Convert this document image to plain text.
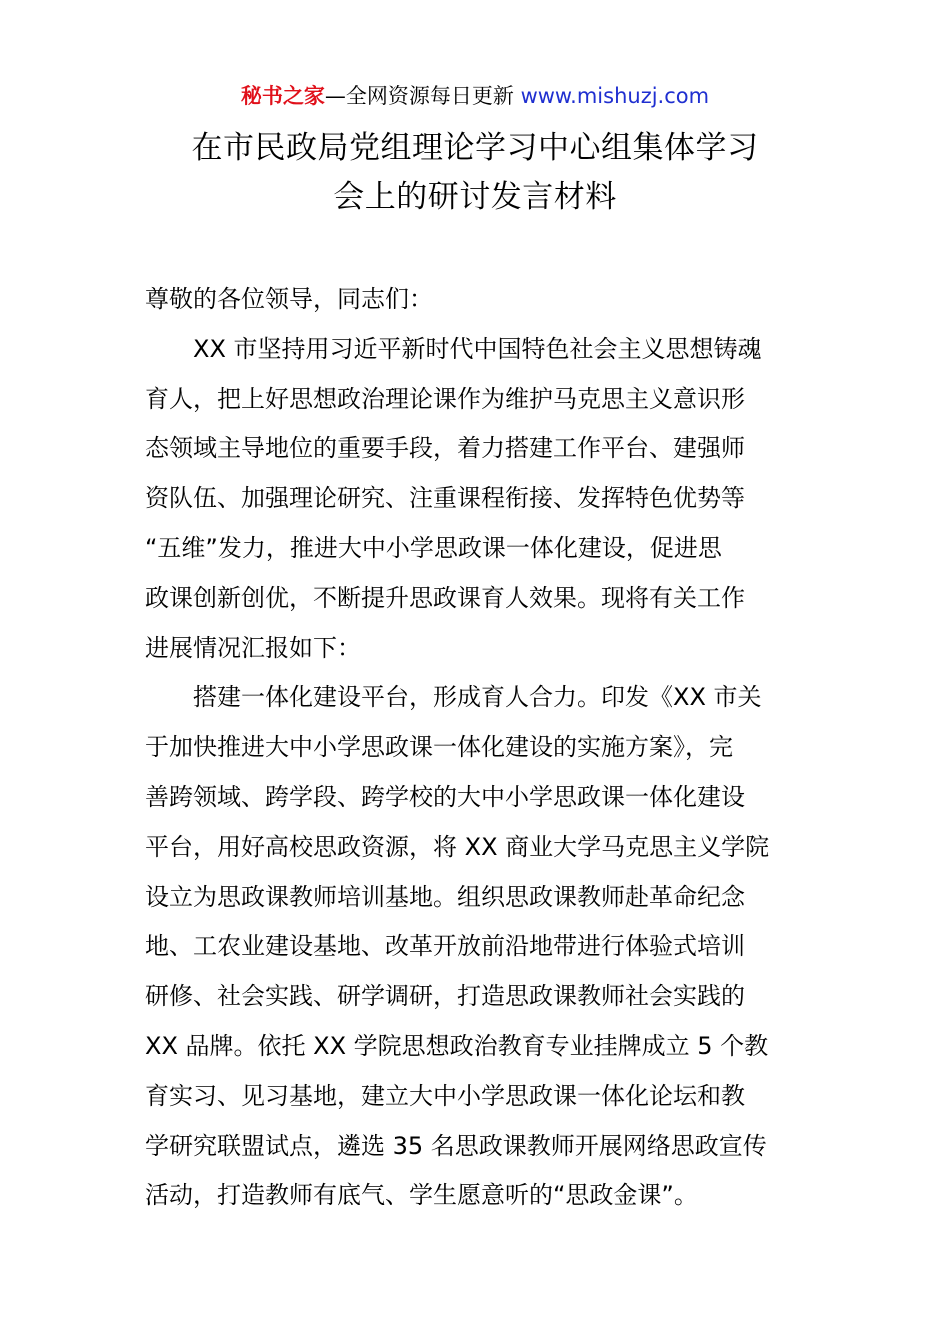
秘书之家—全网资源每日更新 www.mishuzj.com
在市民政局党组理论学习中心组集体学习
会上的研讨发言材料
尊敬的各位领导，同志们：
XX 市坚持用习近平新时代中国特色社会主义思想铸魂
育人，把上好思想政治理论课作为维护马克思主义意识形
态领域主导地位的重要手段，着力搭建工作平台、建强师
资队伍、加强理论研究、注重课程衔接、发挥特色优势等
“五维”发力，推进大中小学思政课一体化建设，促进思
政课创新创优，不断提升思政课育人效果。现将有关工作
进展情况汇报如下：
搭建一体化建设平台，形成育人合力。印发《XX 市关
于加快推进大中小学思政课一体化建设的实施方案》，完
善跨领域、跨学段、跨学校的大中小学思政课一体化建设
平台，用好高校思政资源，将 XX 商业大学马克思主义学院
设立为思政课教师培训基地。组织思政课教师赴革命纪念
地、工农业建设基地、改革开放前沿地带进行体验式培训
研修、社会实践、研学调研，打造思政课教师社会实践的
XX 品牌。依托 XX 学院思想政治教育专业挂牌成立 5 个教
育实习、见习基地，建立大中小学思政课一体化论坛和教
学研究联盟试点，遴选 35 名思政课教师开展网络思政宣传
活动，打造教师有底气、学生愿意听的“思政金课”。
